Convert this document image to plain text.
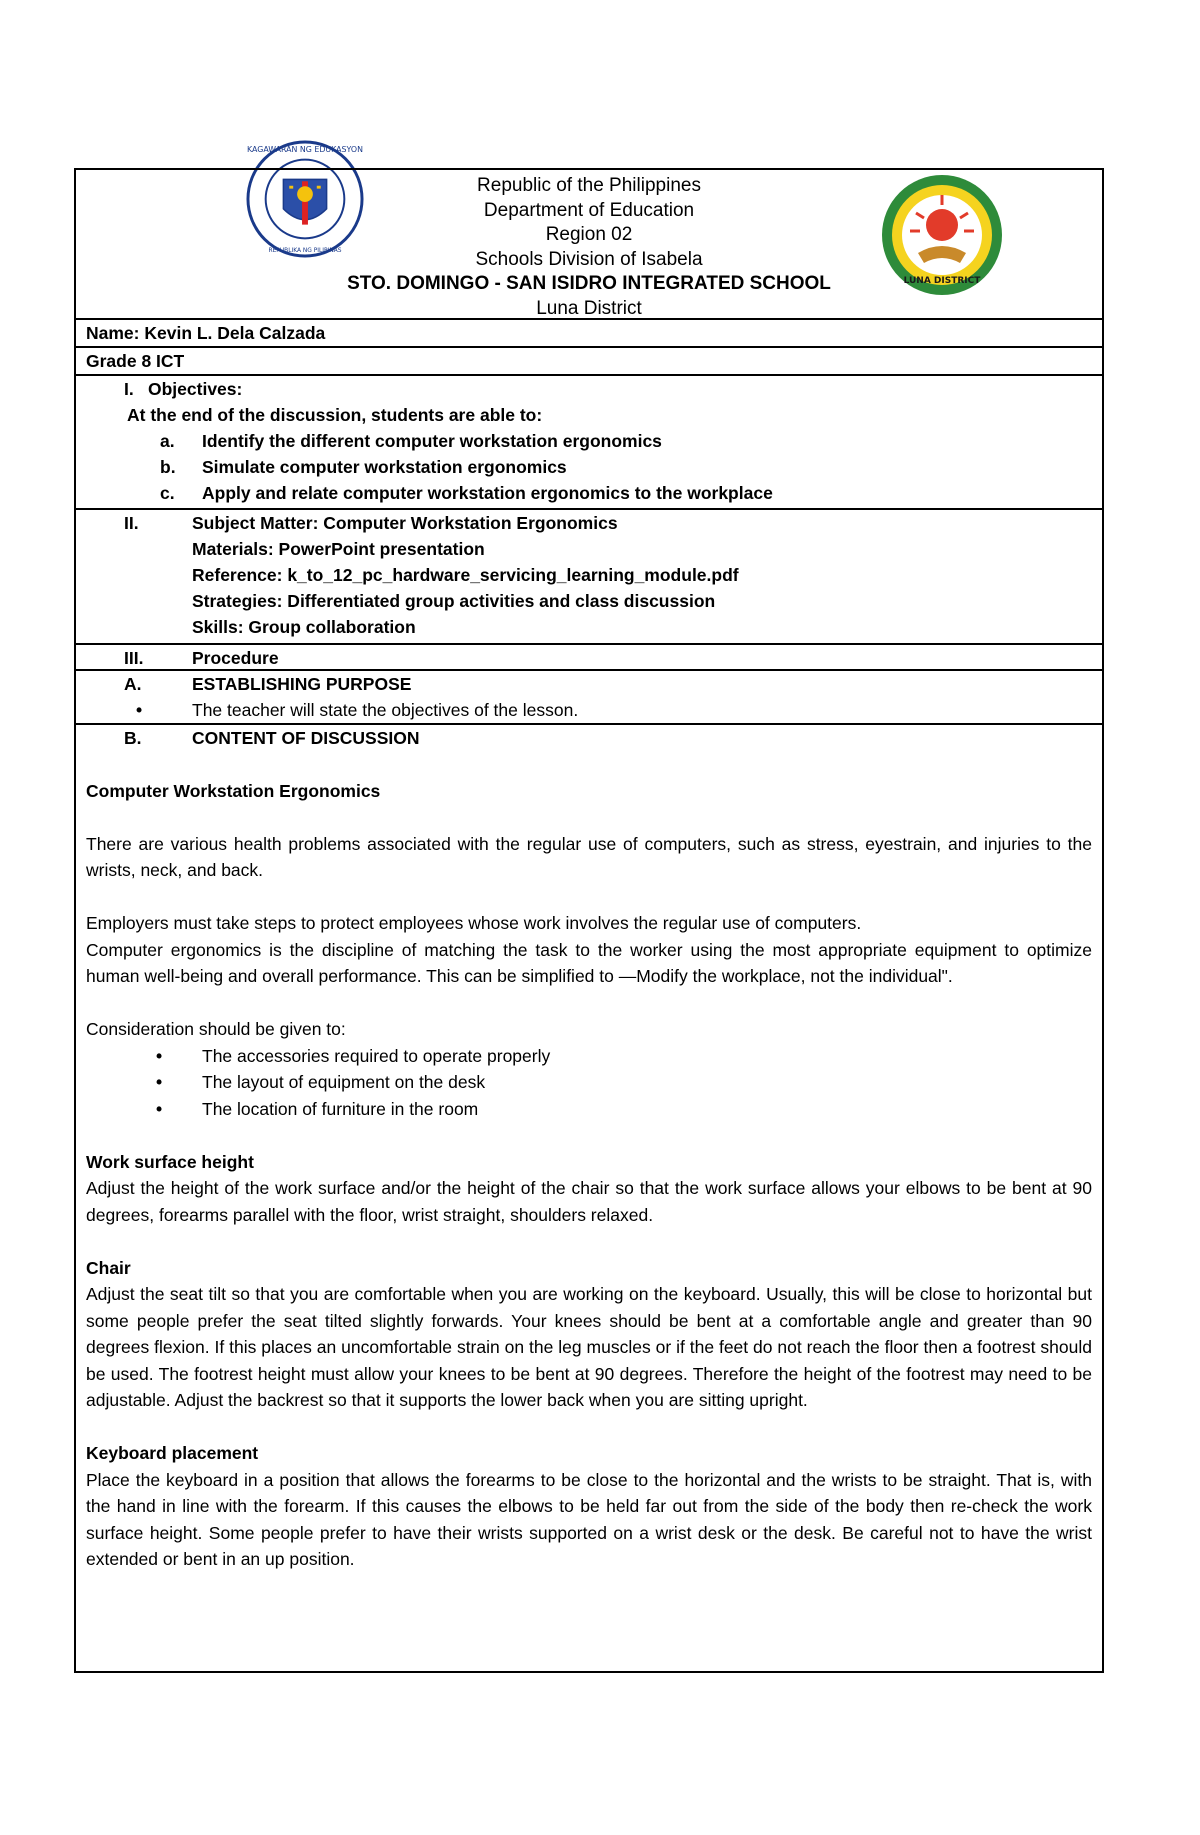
KAGAWARAN NG EDUKASYON
REPUBLIKA NG PILIPINAS
LUNA DISTRICT
Republic of the Philippines
Department of Education
Region 02
Schools Division of Isabela
STO. DOMINGO - SAN ISIDRO INTEGRATED SCHOOL
Luna District
Name: Kevin L. Dela Calzada
Grade 8 ICT
I. Objectives:
At the end of the discussion, students are able to:
a.	Identify the different computer workstation ergonomics
b.	Simulate computer workstation ergonomics
c.	Apply and relate computer workstation ergonomics to the workplace
II.	Subject Matter: Computer Workstation Ergonomics
Materials: PowerPoint presentation
Reference: k_to_12_pc_hardware_servicing_learning_module.pdf
Strategies: Differentiated group activities and class discussion
Skills: Group collaboration
III.	Procedure
A.	ESTABLISHING PURPOSE
•	The teacher will state the objectives of the lesson.
B.	CONTENT OF DISCUSSION

Computer Workstation Ergonomics

There are various health problems associated with the regular use of computers, such as stress, eyestrain, and injuries to the wrists, neck, and back.

Employers must take steps to protect employees whose work involves the regular use of computers.

Computer ergonomics is the discipline of matching the task to the worker using the most appropriate equipment to optimize human well-being and overall performance. This can be simplified to ―Modify the workplace, not the individual".

Consideration should be given to:

• The accessories required to operate properly

• The layout of equipment on the desk

• The location of furniture in the room

Work surface height

Adjust the height of the work surface and/or the height of the chair so that the work surface allows your elbows to be bent at 90 degrees, forearms parallel with the floor, wrist straight, shoulders relaxed.

Chair

Adjust the seat tilt so that you are comfortable when you are working on the keyboard. Usually, this will be close to horizontal but some people prefer the seat tilted slightly forwards. Your knees should be bent at a comfortable angle and greater than 90 degrees flexion. If this places an uncomfortable strain on the leg muscles or if the feet do not reach the floor then a footrest should be used. The footrest height must allow your knees to be bent at 90 degrees. Therefore the height of the footrest may need to be adjustable. Adjust the backrest so that it supports the lower back when you are sitting upright.

Keyboard placement

Place the keyboard in a position that allows the forearms to be close to the horizontal and the wrists to be straight. That is, with the hand in line with the forearm. If this causes the elbows to be held far out from the side of the body then re-check the work surface height. Some people prefer to have their wrists supported on a wrist desk or the desk. Be careful not to have the wrist extended or bent in an up position.
